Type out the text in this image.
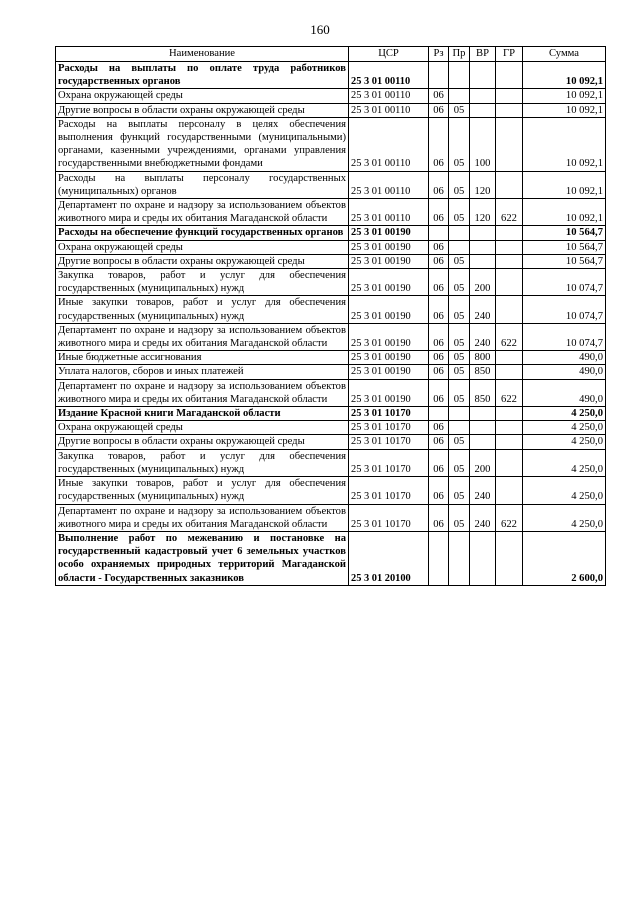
160
Наименование	ЦСР	Рз	Пр	ВР	ГР	Сумма
Расходы на выплаты по оплате труда работников государственных органов	25 3 01 00110					10 092,1
Охрана окружающей среды	25 3 01 00110	06				10 092,1
Другие вопросы в области охраны окружающей среды	25 3 01 00110	06	05			10 092,1
Расходы на выплаты персоналу в целях обеспечения выполнения функций государственными (муниципальными) органами, казенными учреждениями, органами управления государственными внебюджетными фондами	25 3 01 00110	06	05	100		10 092,1
Расходы на выплаты персоналу государственных (муниципальных) органов	25 3 01 00110	06	05	120		10 092,1
Департамент по охране и надзору за использованием объектов животного мира и среды их обитания Магаданской области	25 3 01 00110	06	05	120	622	10 092,1
Расходы на обеспечение функций государственных органов	25 3 01 00190					10 564,7
Охрана окружающей среды	25 3 01 00190	06				10 564,7
Другие вопросы в области охраны окружающей среды	25 3 01 00190	06	05			10 564,7
Закупка товаров, работ и услуг для обеспечения государственных (муниципальных) нужд	25 3 01 00190	06	05	200		10 074,7
Иные закупки товаров, работ и услуг для обеспечения государственных (муниципальных) нужд	25 3 01 00190	06	05	240		10 074,7
Департамент по охране и надзору за использованием объектов животного мира и среды их обитания Магаданской области	25 3 01 00190	06	05	240	622	10 074,7
Иные бюджетные ассигнования	25 3 01 00190	06	05	800		490,0
Уплата налогов, сборов и иных платежей	25 3 01 00190	06	05	850		490,0
Департамент по охране и надзору за использованием объектов животного мира и среды их обитания Магаданской области	25 3 01 00190	06	05	850	622	490,0
Издание Красной книги Магаданской области	25 3 01 10170					4 250,0
Охрана окружающей среды	25 3 01 10170	06				4 250,0
Другие вопросы в области охраны окружающей среды	25 3 01 10170	06	05			4 250,0
Закупка товаров, работ и услуг для обеспечения государственных (муниципальных) нужд	25 3 01 10170	06	05	200		4 250,0
Иные закупки товаров, работ и услуг для обеспечения государственных (муниципальных) нужд	25 3 01 10170	06	05	240		4 250,0
Департамент по охране и надзору за использованием объектов животного мира и среды их обитания Магаданской области	25 3 01 10170	06	05	240	622	4 250,0
Выполнение работ по межеванию и постановке на государственный кадастровый учет 6 земельных участков особо охраняемых природных территорий Магаданской области - Государственных заказников	25 3 01 20100					2 600,0
